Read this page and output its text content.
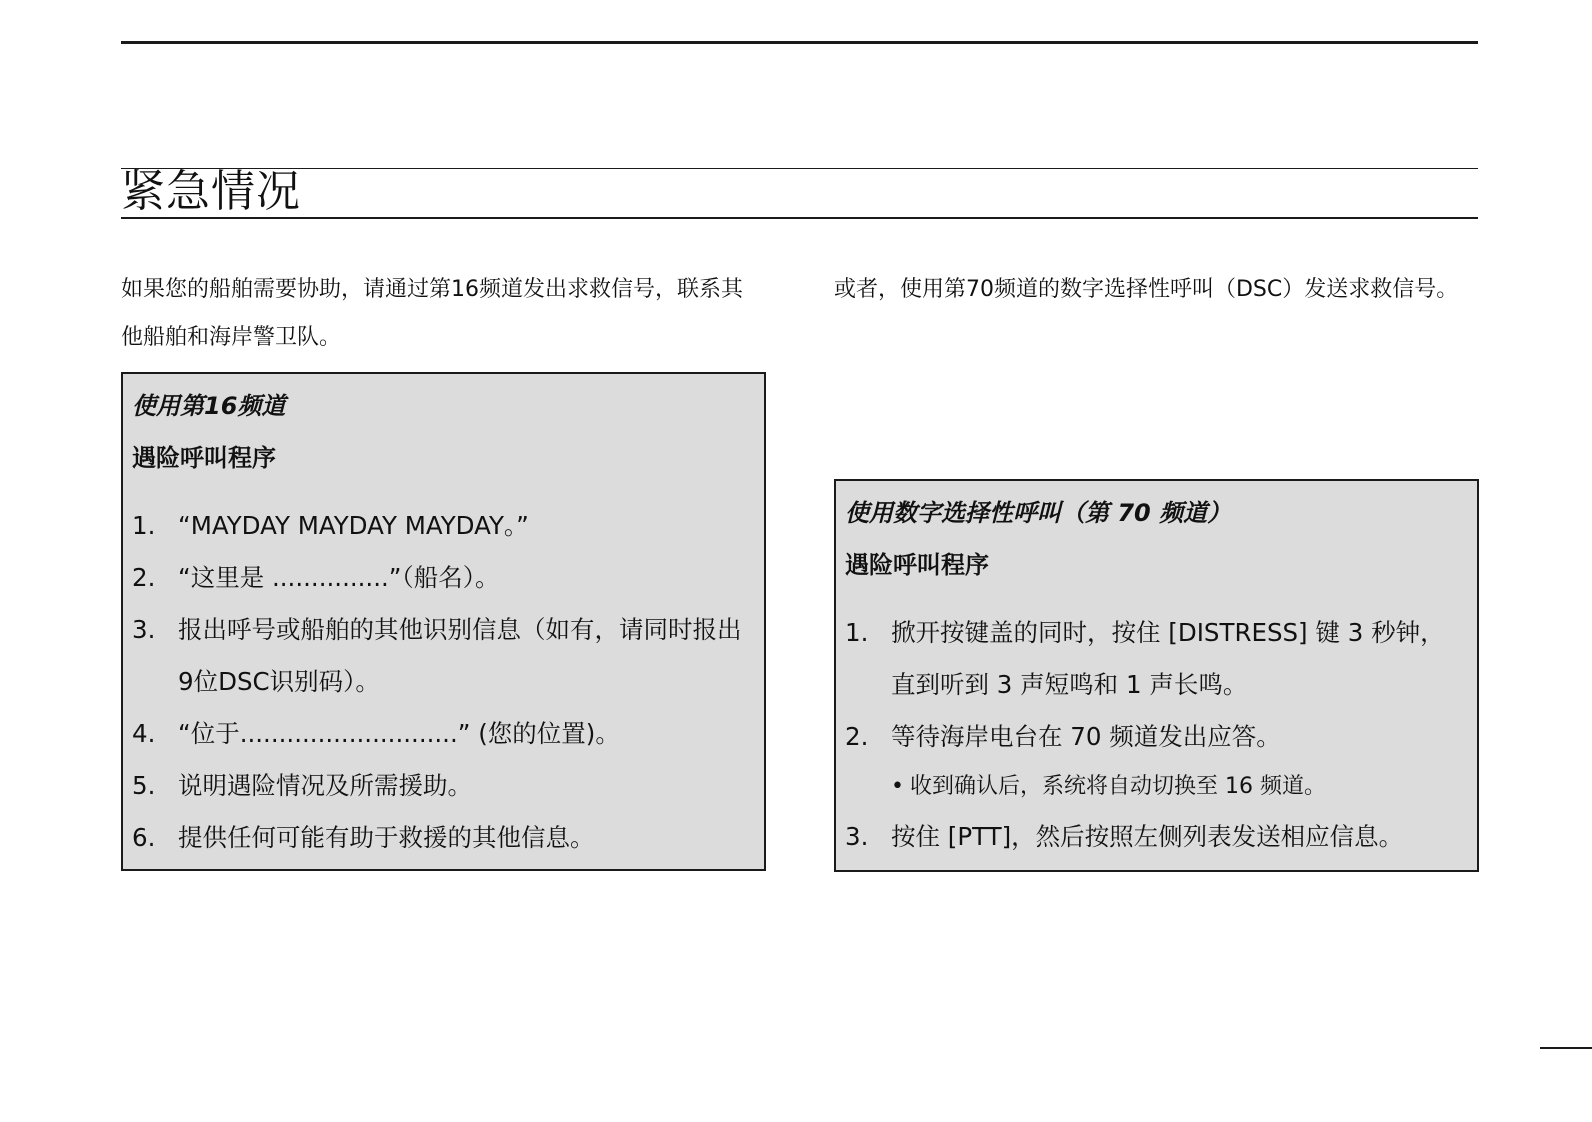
紧急情况

如果您的船舶需要协助，请通过第16频道发出求救信号，联系其他船舶和海岸警卫队。

或者，使用第70频道的数字选择性呼叫（DSC）发送求救信号。

使用第16频道
遇险呼叫程序
1. “MAYDAY MAYDAY MAYDAY。”
2. “这里是 ...............”（船名）。
3. 报出呼号或船舶的其他识别信息（如有，请同时报出9位DSC识别码）。
4. “位于............................” (您的位置)。
5. 说明遇险情况及所需援助。
6. 提供任何可能有助于救援的其他信息。
使用数字选择性呼叫（第 70 频道）
遇险呼叫程序
1. 掀开按键盖的同时，按住 [DISTRESS] 键 3 秒钟，直到听到 3 声短鸣和 1 声长鸣。
2. 等待海岸电台在 70 频道发出应答。
• 收到确认后，系统将自动切换至 16 频道。
3. 按住 [PTT]，然后按照左侧列表发送相应信息。
